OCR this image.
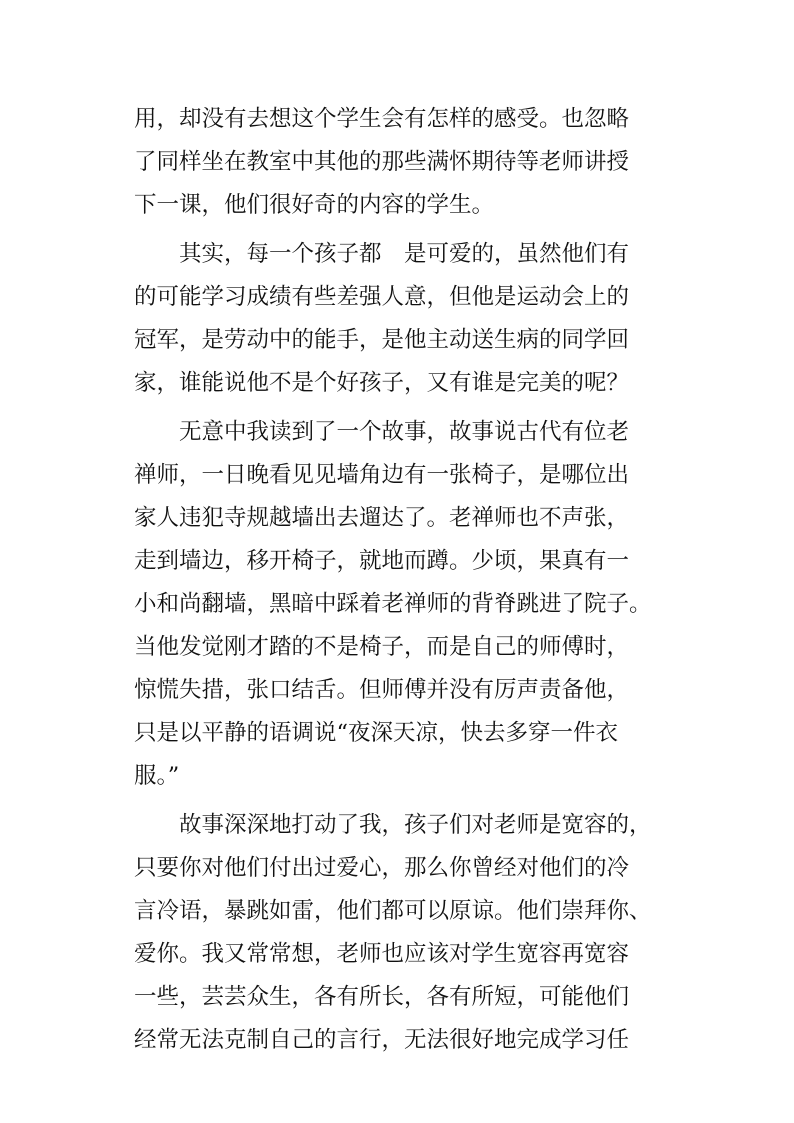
用，却没有去想这个学生会有怎样的感受。也忽略
了同样坐在教室中其他的那些满怀期待等老师讲授
下一课，他们很好奇的内容的学生。
其实，每一个孩子都　是可爱的，虽然他们有
的可能学习成绩有些差强人意，但他是运动会上的
冠军，是劳动中的能手，是他主动送生病的同学回
家，谁能说他不是个好孩子，又有谁是完美的呢？
无意中我读到了一个故事，故事说古代有位老
禅师，一日晚看见见墙角边有一张椅子，是哪位出
家人违犯寺规越墙出去遛达了。老禅师也不声张，
走到墙边，移开椅子，就地而蹲。少顷，果真有一
小和尚翻墙，黑暗中踩着老禅师的背脊跳进了院子。
当他发觉刚才踏的不是椅子，而是自己的师傅时，
惊慌失措，张口结舌。但师傅并没有厉声责备他，
只是以平静的语调说“夜深天凉，快去多穿一件衣
服。”
故事深深地打动了我，孩子们对老师是宽容的，
只要你对他们付出过爱心，那么你曾经对他们的冷
言冷语，暴跳如雷，他们都可以原谅。他们崇拜你、
爱你。我又常常想，老师也应该对学生宽容再宽容
一些，芸芸众生，各有所长，各有所短，可能他们
经常无法克制自己的言行，无法很好地完成学习任
